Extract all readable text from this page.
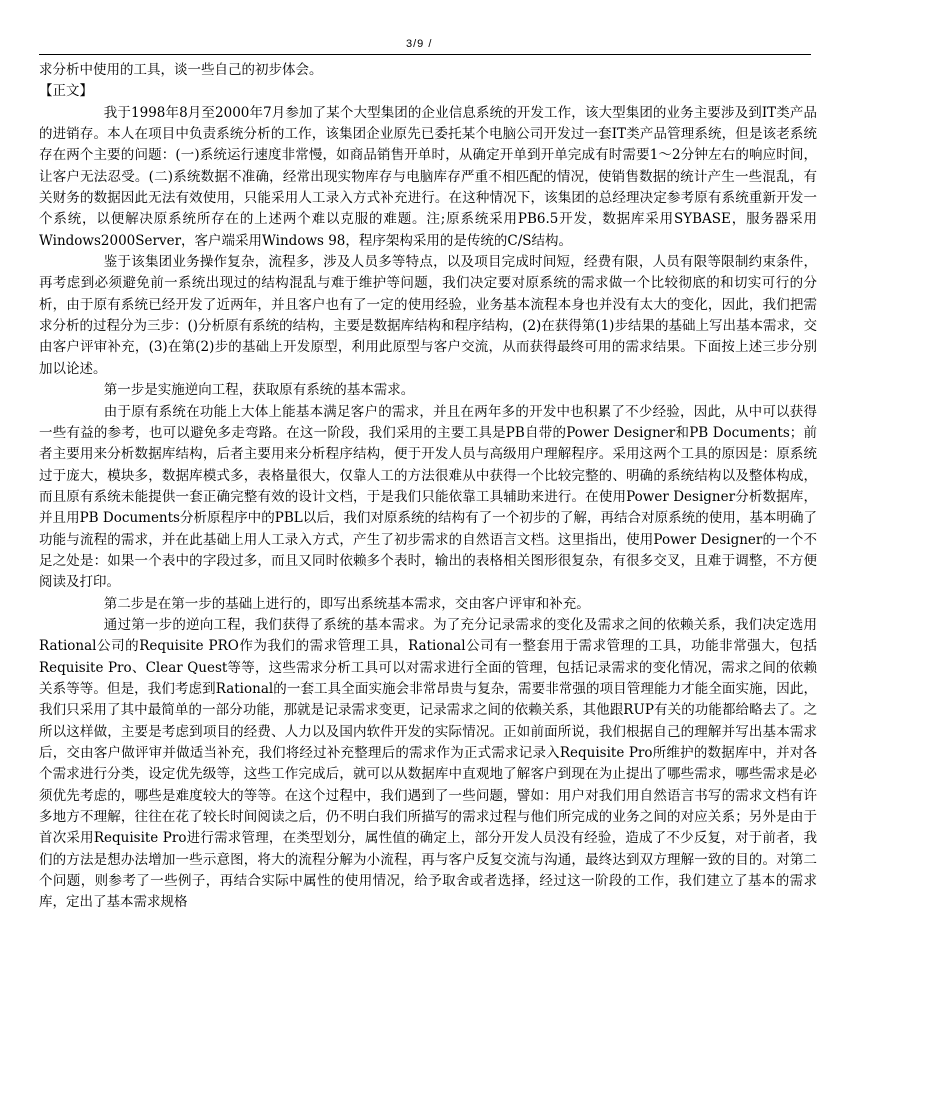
3/9 /

求分析中使用的工具，谈一些自己的初步体会。

【正文】

我于1998年8月至2000年7月参加了某个大型集团的企业信息系统的开发工作，该大型集团的业务主要涉及到IT类产品的进销存。本人在项目中负责系统分析的工作，该集团企业原先已委托某个电脑公司开发过一套IT类产品管理系统，但是该老系统存在两个主要的问题：(一)系统运行速度非常慢，如商品销售开单时，从确定开单到开单完成有时需要1～2分钟左右的响应时间，让客户无法忍受。(二)系统数据不准确，经常出现实物库存与电脑库存严重不相匹配的情况，使销售数据的统计产生一些混乱，有关财务的数据因此无法有效使用，只能采用人工录入方式补充进行。在这种情况下，该集团的总经理决定参考原有系统重新开发一个系统，以便解决原系统所存在的上述两个难以克服的难题。注;原系统采用PB6.5开发，数据库采用SYBASE，服务器采用Windows2000Server，客户端采用Windows 98，程序架构采用的是传统的C/S结构。

鉴于该集团业务操作复杂，流程多，涉及人员多等特点，以及项目完成时间短，经费有限，人员有限等限制约束条件，再考虑到必须避免前一系统出现过的结构混乱与难于维护等问题，我们决定要对原系统的需求做一个比较彻底的和切实可行的分析，由于原有系统已经开发了近两年，并且客户也有了一定的使用经验，业务基本流程本身也并没有太大的变化，因此，我们把需求分析的过程分为三步：()分析原有系统的结构，主要是数据库结构和程序结构，(2)在获得第(1)步结果的基础上写出基本需求，交由客户评审补充，(3)在第(2)步的基础上开发原型，利用此原型与客户交流，从而获得最终可用的需求结果。下面按上述三步分别加以论述。

第一步是实施逆向工程，获取原有系统的基本需求。

由于原有系统在功能上大体上能基本满足客户的需求，并且在两年多的开发中也积累了不少经验，因此，从中可以获得一些有益的参考，也可以避免多走弯路。在这一阶段，我们采用的主要工具是PB自带的Power Designer和PB Documents；前者主要用来分析数据库结构，后者主要用来分析程序结构，便于开发人员与高级用户理解程序。采用这两个工具的原因是：原系统过于庞大，模块多，数据库模式多，表格量很大，仅靠人工的方法很难从中获得一个比较完整的、明确的系统结构以及整体构成，而且原有系统未能提供一套正确完整有效的设计文档，于是我们只能依靠工具辅助来进行。在使用Power Designer分析数据库，并且用PB Documents分析原程序中的PBL以后，我们对原系统的结构有了一个初步的了解，再结合对原系统的使用，基本明确了功能与流程的需求，并在此基础上用人工录入方式，产生了初步需求的自然语言文档。这里指出，使用Power Designer的一个不足之处是：如果一个表中的字段过多，而且又同时依赖多个表时，输出的表格相关图形很复杂，有很多交叉，且难于调整，不方便阅读及打印。

第二步是在第一步的基础上进行的，即写出系统基本需求，交由客户评审和补充。

通过第一步的逆向工程，我们获得了系统的基本需求。为了充分记录需求的变化及需求之间的依赖关系，我们决定选用Rational公司的Requisite PRO作为我们的需求管理工具，Rational公司有一整套用于需求管理的工具，功能非常强大，包括Requisite Pro、Clear Quest等等，这些需求分析工具可以对需求进行全面的管理，包括记录需求的变化情况，需求之间的依赖关系等等。但是，我们考虑到Rational的一套工具全面实施会非常昂贵与复杂，需要非常强的项目管理能力才能全面实施，因此，我们只采用了其中最简单的一部分功能，那就是记录需求变更，记录需求之间的依赖关系，其他跟RUP有关的功能都给略去了。之所以这样做，主要是考虑到项目的经费、人力以及国内软件开发的实际情况。正如前面所说，我们根据自己的理解并写出基本需求后，交由客户做评审并做适当补充，我们将经过补充整理后的需求作为正式需求记录入Requisite Pro所维护的数据库中，并对各个需求进行分类，设定优先级等，这些工作完成后，就可以从数据库中直观地了解客户到现在为止提出了哪些需求，哪些需求是必须优先考虑的，哪些是难度较大的等等。在这个过程中，我们遇到了一些问题，譬如：用户对我们用自然语言书写的需求文档有许多地方不理解，往往在花了较长时间阅读之后，仍不明白我们所描写的需求过程与他们所完成的业务之间的对应关系；另外是由于首次采用Requisite Pro进行需求管理，在类型划分，属性值的确定上，部分开发人员没有经验，造成了不少反复，对于前者，我们的方法是想办法增加一些示意图，将大的流程分解为小流程，再与客户反复交流与沟通，最终达到双方理解一致的目的。对第二个问题，则参考了一些例子，再结合实际中属性的使用情况，给予取舍或者选择，经过这一阶段的工作，我们建立了基本的需求库，定出了基本需求规格
